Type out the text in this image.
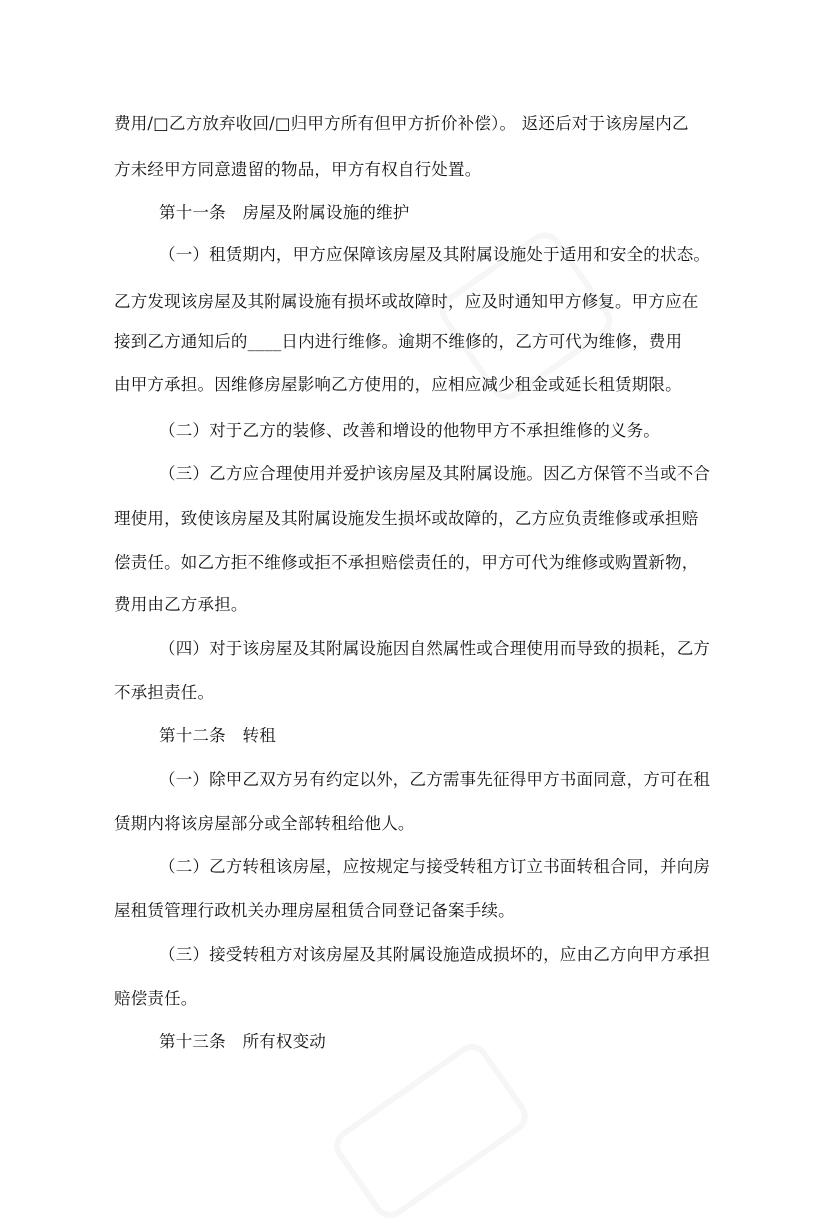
费用/□乙方放弃收回/□归甲方所有但甲方折价补偿）。 返还后对于该房屋内乙

方未经甲方同意遗留的物品，甲方有权自行处置。

第十一条　房屋及附属设施的维护

（一）租赁期内，甲方应保障该房屋及其附属设施处于适用和安全的状态。

乙方发现该房屋及其附属设施有损坏或故障时，应及时通知甲方修复。甲方应在

接到乙方通知后的____日内进行维修。逾期不维修的，乙方可代为维修，费用

由甲方承担。因维修房屋影响乙方使用的，应相应减少租金或延长租赁期限。

（二）对于乙方的装修、改善和增设的他物甲方不承担维修的义务。

（三）乙方应合理使用并爱护该房屋及其附属设施。因乙方保管不当或不合

理使用，致使该房屋及其附属设施发生损坏或故障的，乙方应负责维修或承担赔

偿责任。如乙方拒不维修或拒不承担赔偿责任的，甲方可代为维修或购置新物，

费用由乙方承担。

（四）对于该房屋及其附属设施因自然属性或合理使用而导致的损耗，乙方

不承担责任。

第十二条　转租

（一）除甲乙双方另有约定以外，乙方需事先征得甲方书面同意，方可在租

赁期内将该房屋部分或全部转租给他人。

（二）乙方转租该房屋，应按规定与接受转租方订立书面转租合同，并向房

屋租赁管理行政机关办理房屋租赁合同登记备案手续。

（三）接受转租方对该房屋及其附属设施造成损坏的，应由乙方向甲方承担

赔偿责任。

第十三条　所有权变动
